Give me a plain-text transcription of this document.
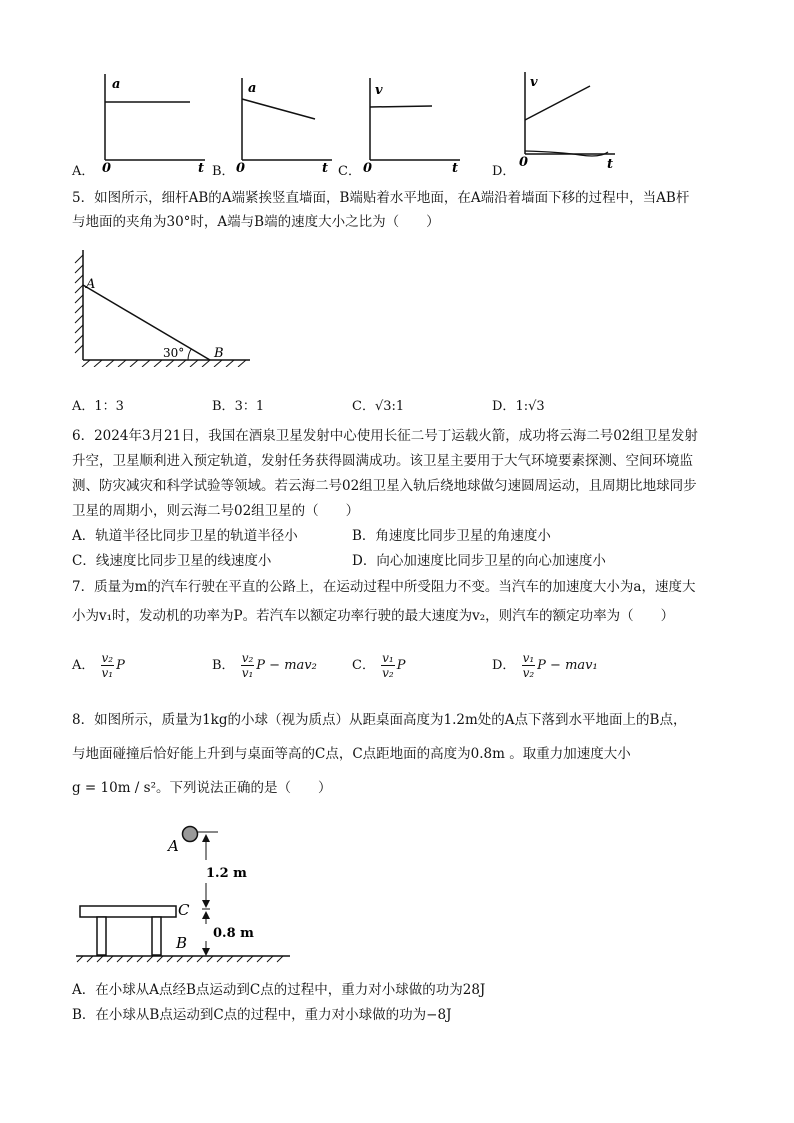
a
0	t
a
0	t
v
0	t
v
0	t
A．	B．	C．	D．
5．如图所示，细杆AB的A端紧挨竖直墙面，B端贴着水平地面，在A端沿着墙面下移的过程中，当AB杆
与地面的夹角为30°时，A端与B端的速度大小之比为（　　）
A
30° B
A．1：3	B．3：1	C．√3:1	D．1:√3
6．2024年3月21日，我国在酒泉卫星发射中心使用长征二号丁运载火箭，成功将云海二号02组卫星发射
升空，卫星顺利进入预定轨道，发射任务获得圆满成功。该卫星主要用于大气环境要素探测、空间环境监
测、防灾减灾和科学试验等领域。若云海二号02组卫星入轨后绕地球做匀速圆周运动，且周期比地球同步
卫星的周期小，则云海二号02组卫星的（　　）
A．轨道半径比同步卫星的轨道半径小	B．角速度比同步卫星的角速度小
C．线速度比同步卫星的线速度小	D．向心加速度比同步卫星的向心加速度小
7．质量为m的汽车行驶在平直的公路上，在运动过程中所受阻力不变。当汽车的加速度大小为a，速度大
小为v₁时，发动机的功率为P。若汽车以额定功率行驶的最大速度为v₂，则汽车的额定功率为（　　）
A． $\frac{\text{v₂}}{\text{v₁}}$ P	B． $\frac{\text{v₂}}{\text{v₁}}$ P − mav₂	C． $\frac{\text{v₁}}{\text{v₂}}$ P	D． $\frac{\text{v₁}}{\text{v₂}}$ P − mav₁
8．如图所示，质量为1kg的小球（视为质点）从距桌面高度为1.2m处的A点下落到水平地面上的B点，
与地面碰撞后恰好能上升到与桌面等高的C点，C点距地面的高度为0.8m 。取重力加速度大小
g = 10m / s²。下列说法正确的是（　　）
A
1.2 m
C
0.8 m
B
A．在小球从A点经B点运动到C点的过程中，重力对小球做的功为28J
B．在小球从B点运动到C点的过程中，重力对小球做的功为−8J
